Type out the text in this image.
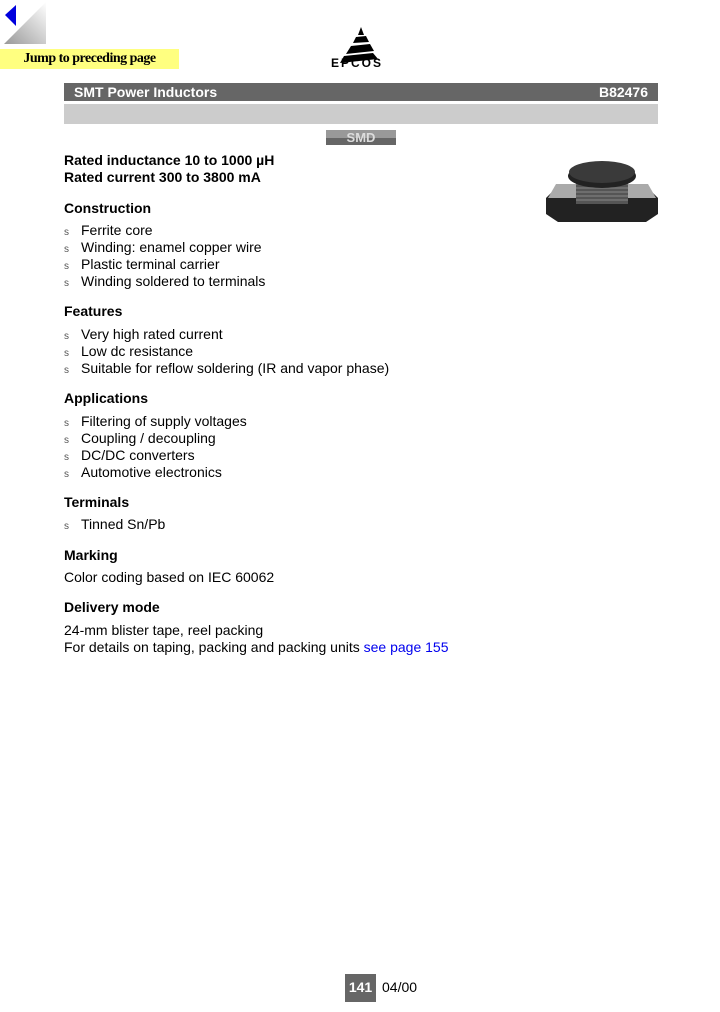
Jump to preceding page	EPCOS
SMT Power Inductors	B82476
SMD
Rated inductance 10 to 1000 µH
Rated current 300 to 3800 mA
Construction
s Ferrite core
s Winding: enamel copper wire
s Plastic terminal carrier
s Winding soldered to terminals
Features
s Very high rated current
s Low dc resistance
s Suitable for reflow soldering (IR and vapor phase)
Applications
s Filtering of supply voltages
s Coupling / decoupling
s DC/DC converters
s Automotive electronics
Terminals
s Tinned Sn/Pb
Marking
Color coding based on IEC 60062
Delivery mode
24-mm blister tape, reel packing
For details on taping, packing and packing units see page 155
141 04/00
